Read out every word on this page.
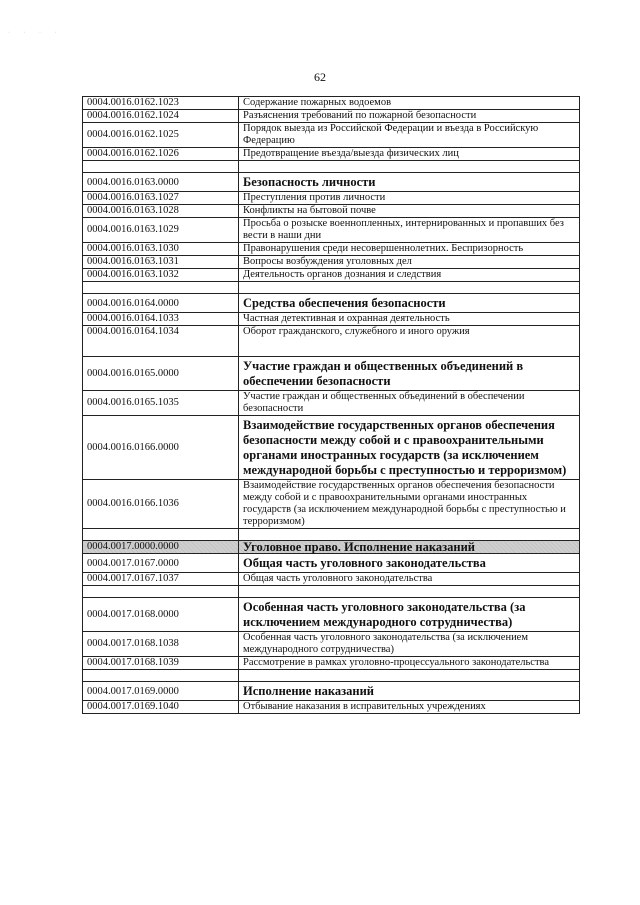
· · · ·
62
0004.0016.0162.1023	Содержание пожарных водоемов
0004.0016.0162.1024	Разъяснения требований по пожарной безопасности
0004.0016.0162.1025	Порядок выезда из Российской Федерации и въезда в Российскую Федерацию
0004.0016.0162.1026	Предотвращение въезда/выезда физических лиц

0004.0016.0163.0000	Безопасность личности
0004.0016.0163.1027	Преступления против личности
0004.0016.0163.1028	Конфликты на бытовой почве
0004.0016.0163.1029	Просьба о розыске военнопленных, интернированных и пропавших без вести в наши дни
0004.0016.0163.1030	Правонарушения среди несовершеннолетних. Беспризорность
0004.0016.0163.1031	Вопросы возбуждения уголовных дел
0004.0016.0163.1032	Деятельность органов дознания и следствия

0004.0016.0164.0000	Средства обеспечения безопасности
0004.0016.0164.1033	Частная детективная и охранная деятельность
0004.0016.0164.1034	Оборот гражданского, служебного и иного оружия
0004.0016.0165.0000	Участие граждан и общественных объединений в обеспечении безопасности
0004.0016.0165.1035	Участие граждан и общественных объединений в обеспечении безопасности
0004.0016.0166.0000	Взаимодействие государственных органов обеспечения безопасности между собой и с правоохранительными органами иностранных государств (за исключением международной борьбы с преступностью и терроризмом)
0004.0016.0166.1036	Взаимодействие государственных органов обеспечения безопасности между собой и с правоохранительными органами иностранных государств (за исключением международной борьбы с преступностью и терроризмом)

0004.0017.0000.0000	Уголовное право. Исполнение наказаний
0004.0017.0167.0000	Общая часть уголовного законодательства
0004.0017.0167.1037	Общая часть уголовного законодательства

0004.0017.0168.0000	Особенная часть уголовного законодательства (за исключением международного сотрудничества)
0004.0017.0168.1038	Особенная часть уголовного законодательства (за исключением международного сотрудничества)
0004.0017.0168.1039	Рассмотрение в рамках уголовно-процессуального законодательства

0004.0017.0169.0000	Исполнение наказаний
0004.0017.0169.1040	Отбывание наказания в исправительных учреждениях
